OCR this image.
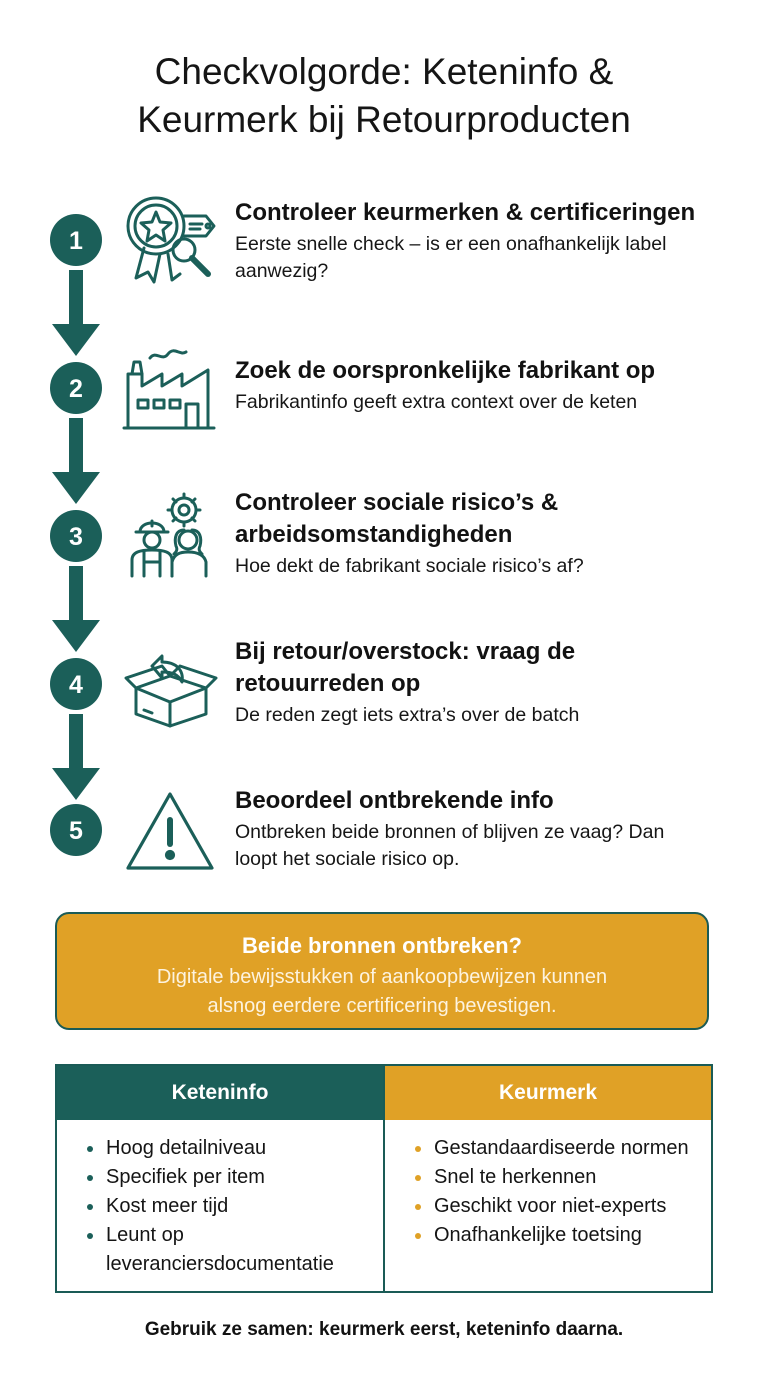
Checkvolgorde: Keteninfo &
Keurmerk bij Retourproducten
1
2
3
4
5
Controleer keurmerken & certificeringen
Eerste snelle check – is er een onafhankelijk label aanwezig?
Zoek de oorspronkelijke fabrikant op
Fabrikantinfo geeft extra context over de keten
Controleer sociale risico’s & arbeidsomstandigheden
Hoe dekt de fabrikant sociale risico’s af?
Bij retour/overstock: vraag de retouurreden op
De reden zegt iets extra’s over de batch
Beoordeel ontbrekende info
Ontbreken beide bronnen of blijven ze vaag? Dan loopt het sociale risico op.
Beide bronnen ontbreken?
Digitale bewijsstukken of aankoopbewijzen kunnen
alsnog eerdere certificering bevestigen.
Keteninfo
Hoog detailniveau
Specifiek per item
Kost meer tijd
Leunt op
leveranciersdocumentatie
Keurmerk
Gestandaardiseerde normen
Snel te herkennen
Geschikt voor niet-experts
Onafhankelijke toetsing
Gebruik ze samen: keurmerk eerst, keteninfo daarna.
